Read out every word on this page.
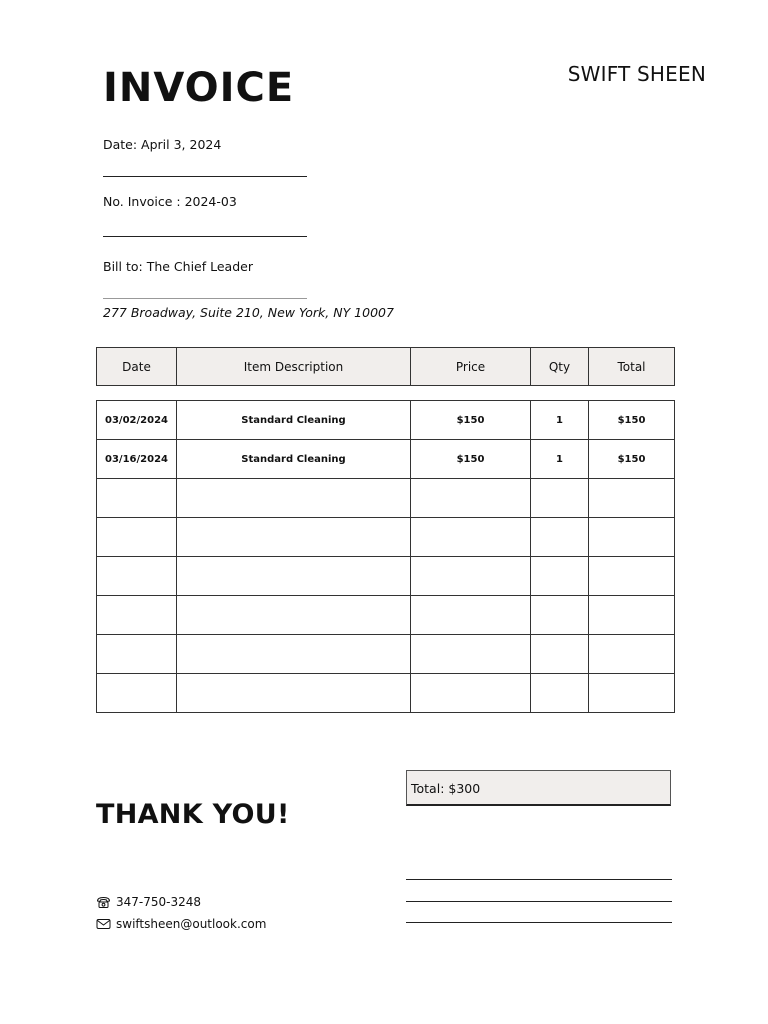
INVOICE	SWIFT SHEEN
Date: April 3, 2024
No. Invoice : 2024-03
Bill to: The Chief Leader
277 Broadway, Suite 210, New York, NY 10007
Date	Item Description	Price	Qty	Total
03/02/2024	Standard Cleaning	$150	1	$150
03/16/2024	Standard Cleaning	$150	1	$150

Total: $300
THANK YOU!
347-750-3248
swiftsheen@outlook.com
